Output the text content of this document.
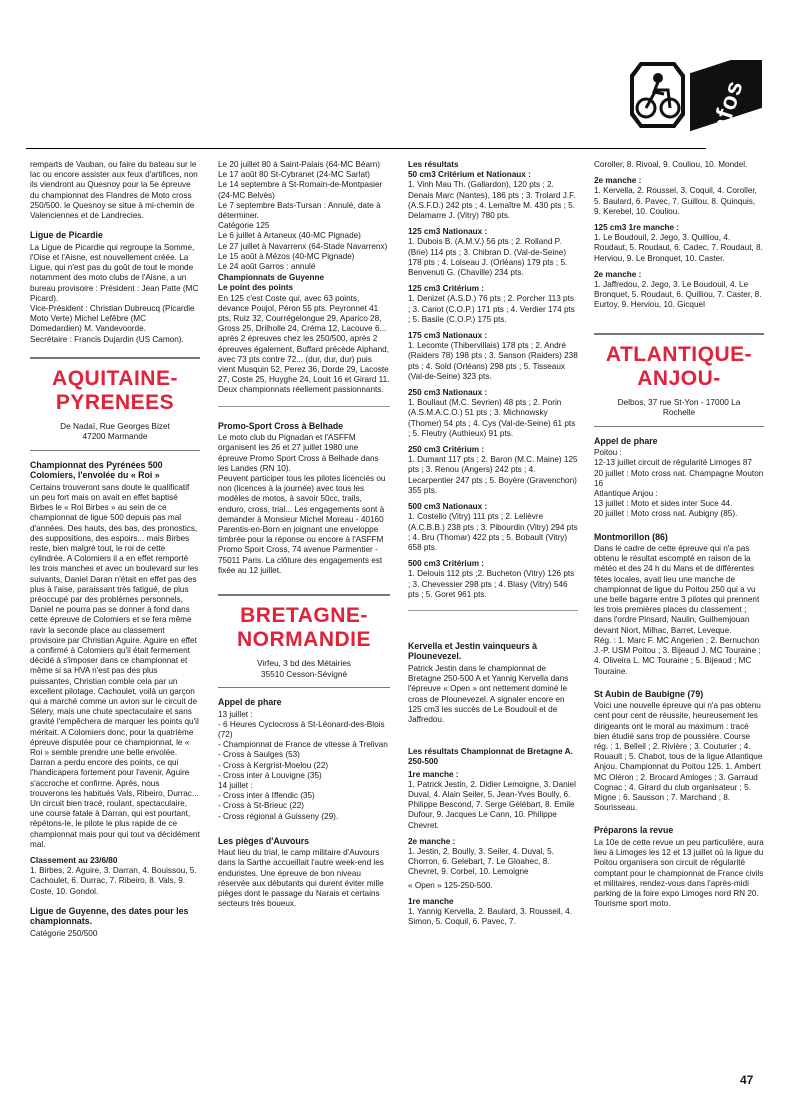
infos

remparts de Vauban, ou faire du bateau sur le lac ou encore assister aux feux d'artifices, non ils viendront au Quesnoy pour la 5e épreuve du championnat des Flandres de Moto cross 250/500. le Quesnoy se situe à mi-chemin de Valenciennes et de Landrecies.

Ligue de Picardie

La Ligue de Picardie qui regroupe la Somme, l'Oise et l'Aisne, est nouvellement créée. La Ligue, qui n'est pas du goût de tout le monde notamment des moto clubs de l'Aisne, a un bureau provisoire : Président : Jean Patte (MC Picard).
Vice-Président : Christian Dubreucq (Picardie Moto Verte) Michel Lefêbre (MC Domedardien) M. Vandevoorde.
Secrétaire : Francis Dujardin (US Camon).

AQUITAINE-
PYRENEES
De Nadaï, Rue Georges Bizet
47200 Marmande
Championnat des Pyrénées 500 Colomiers, l'envolée du « Roi »

Certains trouveront sans doute le qualificatif un peu fort mais on avait en effet baptisé Birbes le « Roi Birbes » au sein de ce championnat de ligue 500 depuis pas mal d'années. Des hauts, des bas, des pronostics, des suppositions, des espoirs... mais Birbes reste, bien malgré tout, le roi de cette cylindrée. A Colomiers il a en effet remporté les trois manches et avec un boulevard sur les suivants, Daniel Daran n'était en effet pas des plus à l'aise, paraissant très fatigué, de plus préoccupé par des problèmes personnels, Daniel ne pourra pas se donner à fond dans cette épreuve de Colomiers et se fera même ravir la seconde place au classement provisoire par Christian Aguire. Aguire en effet a confirmé à Colomiers qu'il était fermement décidé à s'imposer dans ce championnat et même si sa HVA n'est pas des plus puissantes, Christian comble cela par un excellent pilotage. Cachoulet, voilà un garçon qui a marché comme un avion sur le circuit de Sélery, mais une chute spectaculaire et sans gravité l'empêchera de marquer les points qu'il méritait. A Colomiers donc, pour la quatrième épreuve disputée pour ce championnat, le « Roi » semble prendre une belle envolée. Darran a perdu encore des points, ce qui l'handicapera fortement pour l'avenir, Aguire s'accroche et confirme. Après, nous trouverons les habitués Vals, Ribeiro, Durrac...
Un circuit bien tracé, roulant, spectaculaire, une course fatale à Darran, qui est pourtant, répétons-le, le pilote le plus rapide de ce championnat mais pour qui tout va décidément mal.

Classement au 23/6/80

1. Birbes, 2. Aguire, 3. Darran, 4. Bouissou, 5. Cachoulet, 6. Durrac, 7. Ribeiro, 8. Vals, 9. Coste, 10. Gondol.

Ligue de Guyenne, des dates pour les championnats.

Catégorie 250/500

Le 20 juillet 80 à Saint-Palais (64-MC Béarn)
Le 17 août 80 St-Cybranet (24-MC Sarlat)
Le 14 septembre à St-Romain-de-Montpasier (24-MC Belvès)
Le 7 septembre Bats-Tursan : Annulé, date à déterminer.
Catégorie 125
Le 6 juillet à Artaneux (40-MC Pignade)
Le 27 juillet à Navarrenx (64-Stade Navarrenx)
Le 15 août à Mézos (40-MC Pignade)
Le 24 août Garros : annulé

Championnats de Guyenne
Le point des points

En 125 c'est Coste qui, avec 63 points, devance Poujol, Péron 55 pts. Peyronnet 41 pts, Ruiz 32, Courrégelongue 29, Aparico 28, Gross 25, Drilholle 24, Créma 12, Lacouve 6... après 2 épreuves chez les 250/500, après 2 épreuves également, Buffard précède Alphand, avec 73 pts contre 72... (dur, dur, dur) puis vient Musquin 52, Perez 36, Dorde 29, Lacoste 27, Coste 25, Huyghe 24, Louit 16 et Girard 11.
Deux championnats réellement passionnants.

Promo-Sport Cross à Belhade

Le moto club du Pignadan et l'ASFFM organisent les 26 et 27 juillet 1980 une épreuve Promo Sport Cross à Belhade dans les Landes (RN 10).
Peuvent participer tous les pilotes licenciés ou non (licences à la journée) avec tous les modèles de motos, à savoir 50cc, trails, enduro, cross, trial... Les engagements sont à demander à Monsieur Michel Moreau - 40160 Parentis-en-Born en joignant une enveloppe timbrée pour la réponse ou encore à l'ASFFM Promo Sport Cross, 74 avenue Parmentier - 75011 Paris. La clôture des engagements est fixée au 12 juillet.

BRETAGNE-
NORMANDIE
Virfeu, 3 bd des Métairies
35510 Cesson-Sévigné
Appel de phare

13 juillet :
- 6 Heures Cyclocross à St-Léonard-des-Blois (72)
- Championnat de France de vitesse à Trelivan
- Cross à Saulges (53)
- Cross à Kergrist-Moelou (22)
- Cross inter à Louvigne (35)
14 juillet :
- Cross inter à Iffendic (35)
- Cross à St-Brieuc (22)
- Cross régional à Guisseny (29).

Les pièges d'Auvours

Haut lieu du trial, le camp militaire d'Auvours dans la Sarthe accueillait l'autre week-end les enduristes. Une épreuve de bon niveau réservée aux débutants qui durent éviter mille pièges dont le passage du Narais et certains secteurs très boueux.

Les résultats
50 cm3 Critérium et Nationaux :

1. Vinh Mau Th. (Gallardon), 120 pts ; 2. Denais Marc (Nantes), 186 pts ; 3. Trolard J.F. (A.S.F.D.) 242 pts ; 4. Lemaître M. 430 pts ; 5. Delamarre J. (Vitry) 780 pts.

125 cm3 Nationaux :

1. Dubois B. (A.M.V.) 56 pts ; 2. Rolland P. (Brie) 114 pts ; 3. Chibran D. (Val-de-Seine) 178 pts ; 4. Loiseau J. (Orléans) 179 pts ; 5. Benvenuti G. (Chaville) 234 pts.

125 cm3 Critérium :

1. Denizet (A.S.D.) 76 pts ; 2. Porcher 113 pts ; 3. Cariot (C.O.P.) 171 pts ; 4. Verdier 174 pts ; 5. Basile (C.O.P.) 175 pts.

175 cm3 Nationaux :

1. Lecomte (Thibervillais) 178 pts ; 2. André (Raiders 78) 198 pts ; 3. Sanson (Raiders) 238 pts ; 4. Sold (Orléans) 298 pts ; 5. Tisseaux (Val-de-Seine) 323 pts.

250 cm3 Nationaux :

1. Boullaut (M.C. Sevrien) 48 pts ; 2. Porin (A.S.M.A.C.O.) 51 pts ; 3. Michnowsky (Thomer) 54 pts ; 4. Cys (Val-de-Seine) 61 pts ; 5. Fleutry (Authieux) 91 pts.

250 cm3 Critérium :

1. Dumant 117 pts ; 2. Baron (M.C. Maine) 125 pts ; 3. Renou (Angers) 242 pts ; 4. Lecarpentier 247 pts ; 5. Boyère (Gravenchon) 355 pts.

500 cm3 Nationaux :

1. Costello (Vitry) 111 pts ; 2. Lelièvre (A.C.B.B.) 238 pts ; 3. Pibourdin (Vitry) 294 pts ; 4. Bru (Thomar) 422 pts ; 5. Bobault (Vitry) 658 pts.

500 cm3 Critérium :

1. Delouis 112 pts ;2. Bucheton (Vitry) 126 pts ; 3. Chevessier 298 pts ; 4. Blasy (Vitry) 546 pts ; 5. Goret 961 pts.

Kervella et Jestin vainqueurs à Plounevezel.

Patrick Jestin dans le championnat de Bretagne 250-500 A et Yannig Kervella dans l'épreuve « Open » ont nettement dominé le cross de Plounevezel. A signaler encore en 125 cm3 les succès de Le Boudouil et de Jaffredou.

Les résultats Championnat de Bretagne A. 250-500
1re manche :

1. Patrick Jestin, 2. Didier Lemoigne, 3. Daniel Duval, 4. Alain Seiler, 5. Jean-Yves Boully, 6. Philippe Bescond, 7. Serge Gélébart, 8. Emile Dufour, 9. Jacques Le Cann, 10. Philippe Chevret.

2e manche :

1. Jestin, 2. Boully, 3. Seiler, 4. Duval, 5. Chorron, 6. Gelebart, 7. Le Gloahec, 8. Chevret, 9. Corbel, 10. Lemoigne

« Open » 125-250-500.

1re manche

1. Yannig Kervella, 2. Baulard, 3. Rousseil, 4. Simon, 5. Coquil, 6. Pavec, 7.

Coroller, 8. Rivoal, 9. Couliou, 10. Mondel.

2e manche :

1. Kervella, 2. Roussel, 3. Coquil, 4. Coroller, 5. Baulard, 6. Pavec, 7. Guillou, 8. Quinquis, 9. Kerebel, 10. Couliou.

125 cm3 1re manche :

1. Le Boudouil, 2. Jego, 3. Quilliou, 4. Roudaut, 5. Roudaut, 6. Cadec, 7. Roudaut, 8. Herviou, 9. Le Bronquet, 10. Caster.

2e manche :

1. Jaffredou, 2. Jego, 3. Le Boudouil, 4. Le Bronquet, 5. Roudaut, 6. Quilliou, 7. Caster, 8. Eurtoy, 9. Herviou, 10. Gicquel

ATLANTIQUE-
ANJOU-
Delbos, 37 rue St-Yon - 17000 La
Rochelle
Appel de phare

Poitou :
12-13 juillet circuit de régularité Limoges 87
20 juillet : Moto cross nat. Champagne Mouton 16
Atlantique Anjou :
13 juillet : Moto et sides inter Suce 44.
20 juillet : Moto cross nat. Aubigny (85).

Montmorillon (86)

Dans le cadre de cette épreuve qui n'a pas obtenu le résultat escompté en raison de la météo et des 24 h du Mans et de différentes fêtes locales, avait lieu une manche de championnat de ligue du Poitou 250 qui a vu une belle bagarre entre 3 pilotes qui prennent les trois premières places du classement ; dans l'ordre Pinsard, Naulin, Guilhemjouan devant Niort, Milhac, Barret, Leveque.
Rég. : 1. Marc F. MC Angerien ; 2. Bernuchon J.-P. USM Poitou ; 3. Bijeaud J. MC Touraine ; 4. Oliveira L. MC Touraine ; 5. Bijeaud ; MC Touraine.

St Aubin de Baubigne (79)

Voici une nouvelle épreuve qui n'a pas obtenu cent pour cent de réussite, heureusement les dirigeants ont le moral au maximum : tracé bien étudié sans trop de poussière. Course rég. : 1. Belleil ; 2. Rivière ; 3. Couturier ; 4. Rouault ; 5. Chabot, tous de la ligue Atlantique Anjou. Championnat du Poitou 125. 1. Ambert MC Oléron ; 2. Brocard Amloges ; 3. Garraud Cognac ; 4. Girard du club organisateur ; 5. Migne ; 6. Sausson ; 7. Marchand ; 8. Sourisseau.

Préparons la revue

La 10e de cette revue un peu particulière, aura lieu à Limoges les 12 et 13 juillet où la ligue du Poitou organisera son circuit de régularité comptant pour le championnat de France civils et militaires, rendez-vous dans l'après-midi parking de la foire expo Limoges nord RN 20. Tourisme sport moto.

47
